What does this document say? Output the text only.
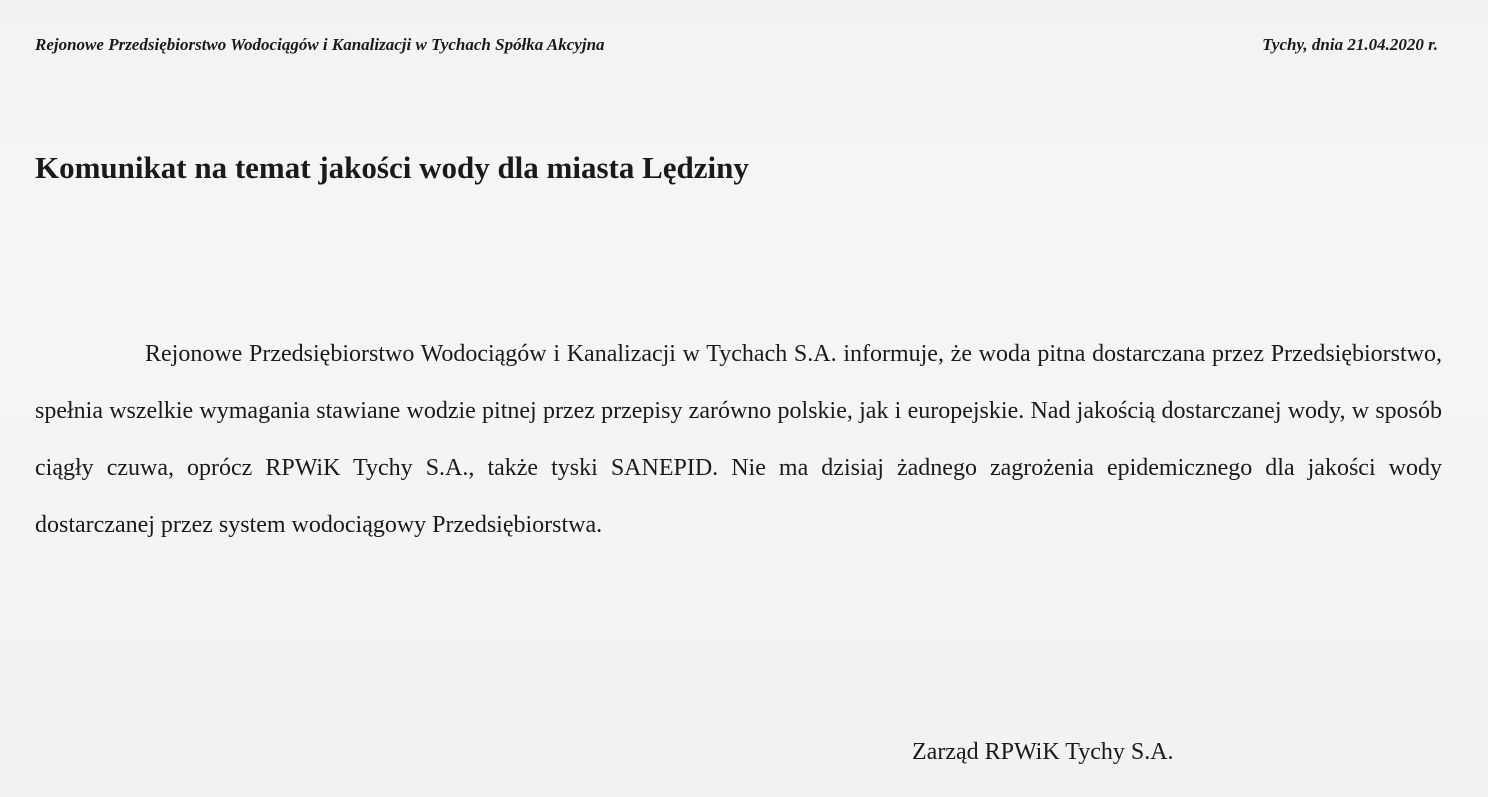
Rejonowe Przedsiębiorstwo Wodociągów i Kanalizacji w Tychach Spółka Akcyjna	Tychy, dnia 21.04.2020 r.
Komunikat na temat jakości wody dla miasta Lędziny

Rejonowe Przedsiębiorstwo Wodociągów i Kanalizacji w Tychach S.A. informuje, że woda pitna dostarczana przez Przedsiębiorstwo, spełnia wszelkie wymagania stawiane wodzie pitnej przez przepisy zarówno polskie, jak i europejskie. Nad jakością dostarczanej wody, w sposób ciągły czuwa, oprócz RPWiK Tychy S.A., także tyski SANEPID. Nie ma dzisiaj żadnego zagrożenia epidemicznego dla jakości wody dostarczanej przez system wodociągowy Przedsiębiorstwa.

Zarząd RPWiK Tychy S.A.
